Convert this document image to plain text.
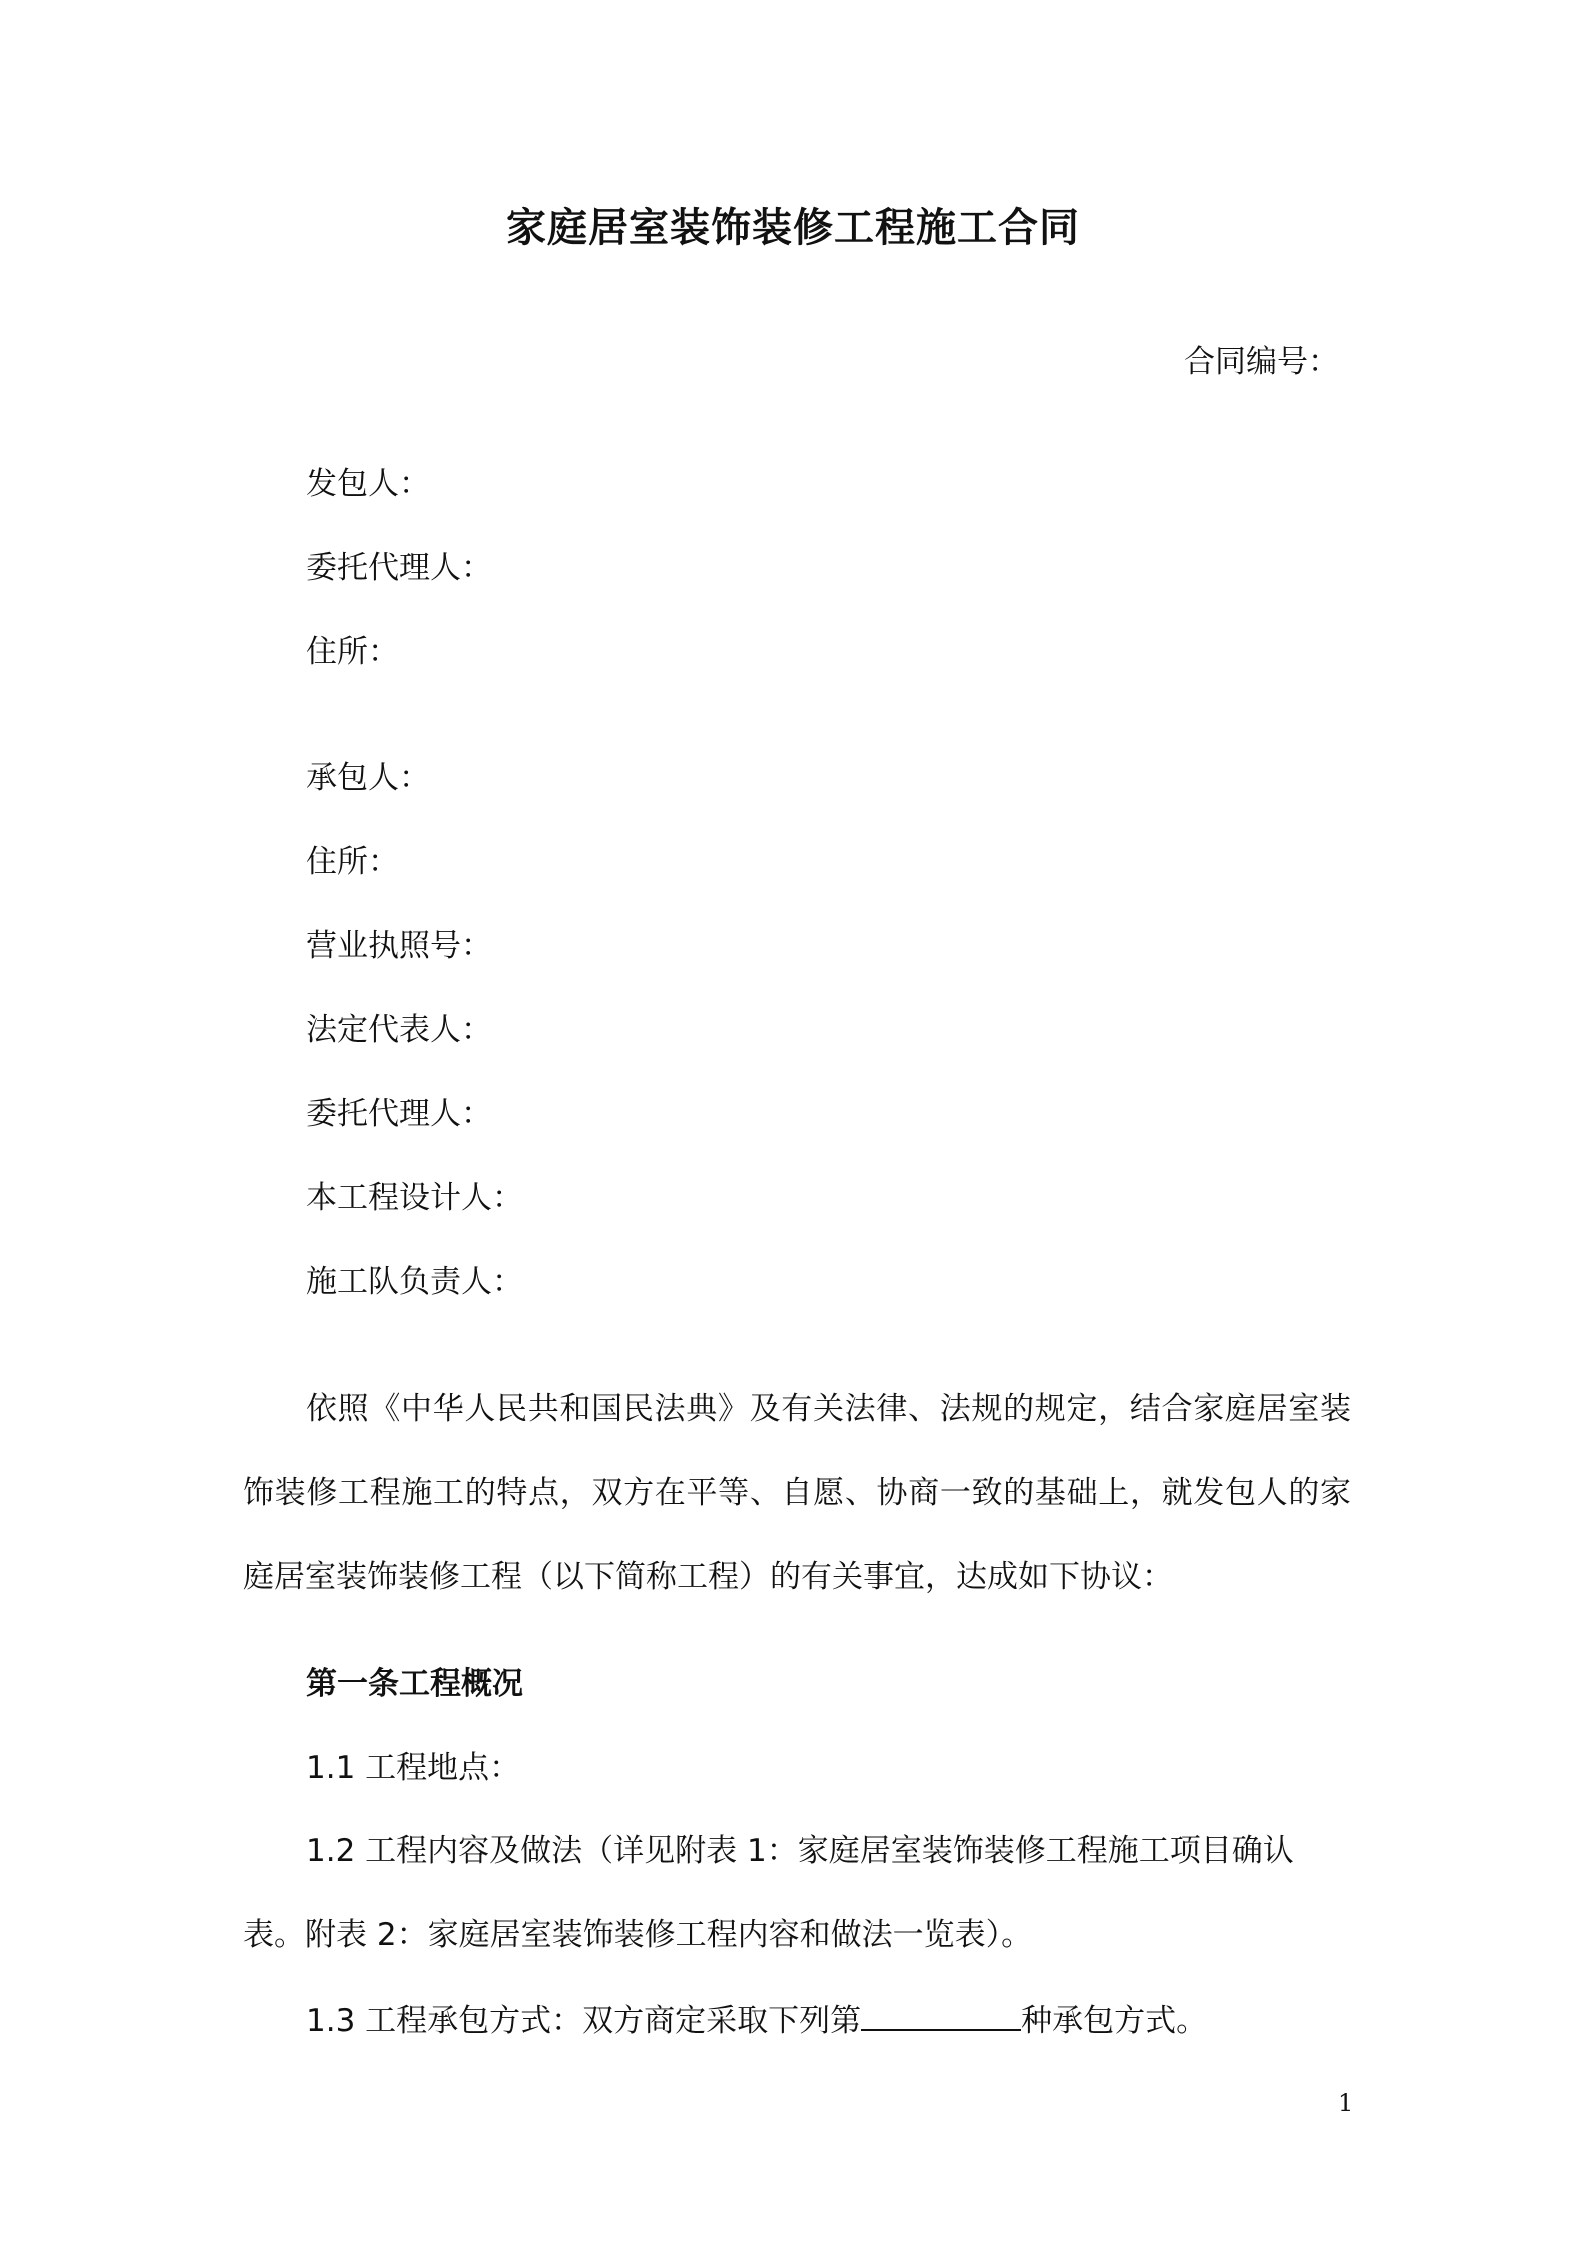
家庭居室装饰装修工程施工合同
合同编号：
发包人：
委托代理人：
住所：
承包人：
住所：
营业执照号：
法定代表人：
委托代理人：
本工程设计人：
施工队负责人：
依照《中华人民共和国民法典》及有关法律、法规的规定，结合家庭居室装饰装修工程施工的特点，双方在平等、自愿、协商一致的基础上，就发包人的家庭居室装饰装修工程（以下简称工程）的有关事宜，达成如下协议：
第一条工程概况
1.1 工程地点：
1.2 工程内容及做法（详见附表 1：家庭居室装饰装修工程施工项目确认表。附表 2：家庭居室装饰装修工程内容和做法一览表）。
1.3 工程承包方式：双方商定采取下列第	种承包方式。
1
